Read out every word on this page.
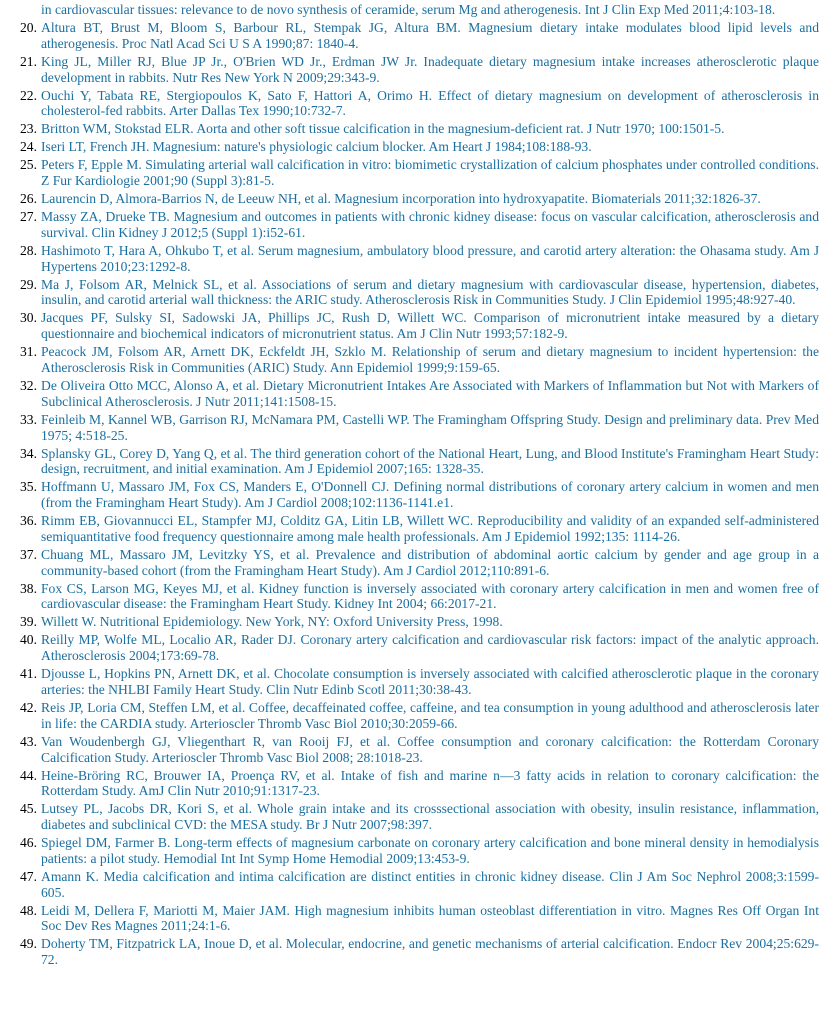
in cardiovascular tissues: relevance to de novo synthesis of ceramide, serum Mg and atherogenesis. Int J Clin Exp Med 2011;4:103-18.
20. Altura BT, Brust M, Bloom S, Barbour RL, Stempak JG, Altura BM. Magnesium dietary intake modulates blood lipid levels and atherogenesis. Proc Natl Acad Sci U S A 1990;87: 1840-4.
21. King JL, Miller RJ, Blue JP Jr., O'Brien WD Jr., Erdman JW Jr. Inadequate dietary magnesium intake increases atherosclerotic plaque development in rabbits. Nutr Res New York N 2009;29:343-9.
22. Ouchi Y, Tabata RE, Stergiopoulos K, Sato F, Hattori A, Orimo H. Effect of dietary magnesium on development of atherosclerosis in cholesterol-fed rabbits. Arter Dallas Tex 1990;10:732-7.
23. Britton WM, Stokstad ELR. Aorta and other soft tissue calcification in the magnesium-deficient rat. J Nutr 1970; 100:1501-5.
24. Iseri LT, French JH. Magnesium: nature's physiologic calcium blocker. Am Heart J 1984;108:188-93.
25. Peters F, Epple M. Simulating arterial wall calcification in vitro: biomimetic crystallization of calcium phosphates under controlled conditions. Z Fur Kardiologie 2001;90 (Suppl 3):81-5.
26. Laurencin D, Almora-Barrios N, de Leeuw NH, et al. Magnesium incorporation into hydroxyapatite. Biomaterials 2011;32:1826-37.
27. Massy ZA, Drueke TB. Magnesium and outcomes in patients with chronic kidney disease: focus on vascular calcification, atherosclerosis and survival. Clin Kidney J 2012;5 (Suppl 1):i52-61.
28. Hashimoto T, Hara A, Ohkubo T, et al. Serum magnesium, ambulatory blood pressure, and carotid artery alteration: the Ohasama study. Am J Hypertens 2010;23:1292-8.
29. Ma J, Folsom AR, Melnick SL, et al. Associations of serum and dietary magnesium with cardiovascular disease, hypertension, diabetes, insulin, and carotid arterial wall thickness: the ARIC study. Atherosclerosis Risk in Communities Study. J Clin Epidemiol 1995;48:927-40.
30. Jacques PF, Sulsky SI, Sadowski JA, Phillips JC, Rush D, Willett WC. Comparison of micronutrient intake measured by a dietary questionnaire and biochemical indicators of micronutrient status. Am J Clin Nutr 1993;57:182-9.
31. Peacock JM, Folsom AR, Arnett DK, Eckfeldt JH, Szklo M. Relationship of serum and dietary magnesium to incident hypertension: the Atherosclerosis Risk in Communities (ARIC) Study. Ann Epidemiol 1999;9:159-65.
32. De Oliveira Otto MCC, Alonso A, et al. Dietary Micronutrient Intakes Are Associated with Markers of Inflammation but Not with Markers of Subclinical Atherosclerosis. J Nutr 2011;141:1508-15.
33. Feinleib M, Kannel WB, Garrison RJ, McNamara PM, Castelli WP. The Framingham Offspring Study. Design and preliminary data. Prev Med 1975; 4:518-25.
34. Splansky GL, Corey D, Yang Q, et al. The third generation cohort of the National Heart, Lung, and Blood Institute's Framingham Heart Study: design, recruitment, and initial examination. Am J Epidemiol 2007;165: 1328-35.
35. Hoffmann U, Massaro JM, Fox CS, Manders E, O'Donnell CJ. Defining normal distributions of coronary artery calcium in women and men (from the Framingham Heart Study). Am J Cardiol 2008;102:1136-1141.e1.
36. Rimm EB, Giovannucci EL, Stampfer MJ, Colditz GA, Litin LB, Willett WC. Reproducibility and validity of an expanded self-administered semiquantitative food frequency questionnaire among male health professionals. Am J Epidemiol 1992;135: 1114-26.
37. Chuang ML, Massaro JM, Levitzky YS, et al. Prevalence and distribution of abdominal aortic calcium by gender and age group in a community-based cohort (from the Framingham Heart Study). Am J Cardiol 2012;110:891-6.
38. Fox CS, Larson MG, Keyes MJ, et al. Kidney function is inversely associated with coronary artery calcification in men and women free of cardiovascular disease: the Framingham Heart Study. Kidney Int 2004; 66:2017-21.
39. Willett W. Nutritional Epidemiology. New York, NY: Oxford University Press, 1998.
40. Reilly MP, Wolfe ML, Localio AR, Rader DJ. Coronary artery calcification and cardiovascular risk factors: impact of the analytic approach. Atherosclerosis 2004;173:69-78.
41. Djousse L, Hopkins PN, Arnett DK, et al. Chocolate consumption is inversely associated with calcified atherosclerotic plaque in the coronary arteries: the NHLBI Family Heart Study. Clin Nutr Edinb Scotl 2011;30:38-43.
42. Reis JP, Loria CM, Steffen LM, et al. Coffee, decaffeinated coffee, caffeine, and tea consumption in young adulthood and atherosclerosis later in life: the CARDIA study. Arterioscler Thromb Vasc Biol 2010;30:2059-66.
43. Van Woudenbergh GJ, Vliegenthart R, van Rooij FJ, et al. Coffee consumption and coronary calcification: the Rotterdam Coronary Calcification Study. Arterioscler Thromb Vasc Biol 2008; 28:1018-23.
44. Heine-Bröring RC, Brouwer IA, Proença RV, et al. Intake of fish and marine n—3 fatty acids in relation to coronary calcification: the Rotterdam Study. AmJ Clin Nutr 2010;91:1317-23.
45. Lutsey PL, Jacobs DR, Kori S, et al. Whole grain intake and its crosssectional association with obesity, insulin resistance, inflammation, diabetes and subclinical CVD: the MESA study. Br J Nutr 2007;98:397.
46. Spiegel DM, Farmer B. Long-term effects of magnesium carbonate on coronary artery calcification and bone mineral density in hemodialysis patients: a pilot study. Hemodial Int Int Symp Home Hemodial 2009;13:453-9.
47. Amann K. Media calcification and intima calcification are distinct entities in chronic kidney disease. Clin J Am Soc Nephrol 2008;3:1599-605.
48. Leidi M, Dellera F, Mariotti M, Maier JAM. High magnesium inhibits human osteoblast differentiation in vitro. Magnes Res Off Organ Int Soc Dev Res Magnes 2011;24:1-6.
49. Doherty TM, Fitzpatrick LA, Inoue D, et al. Molecular, endocrine, and genetic mechanisms of arterial calcification. Endocr Rev 2004;25:629-72.
